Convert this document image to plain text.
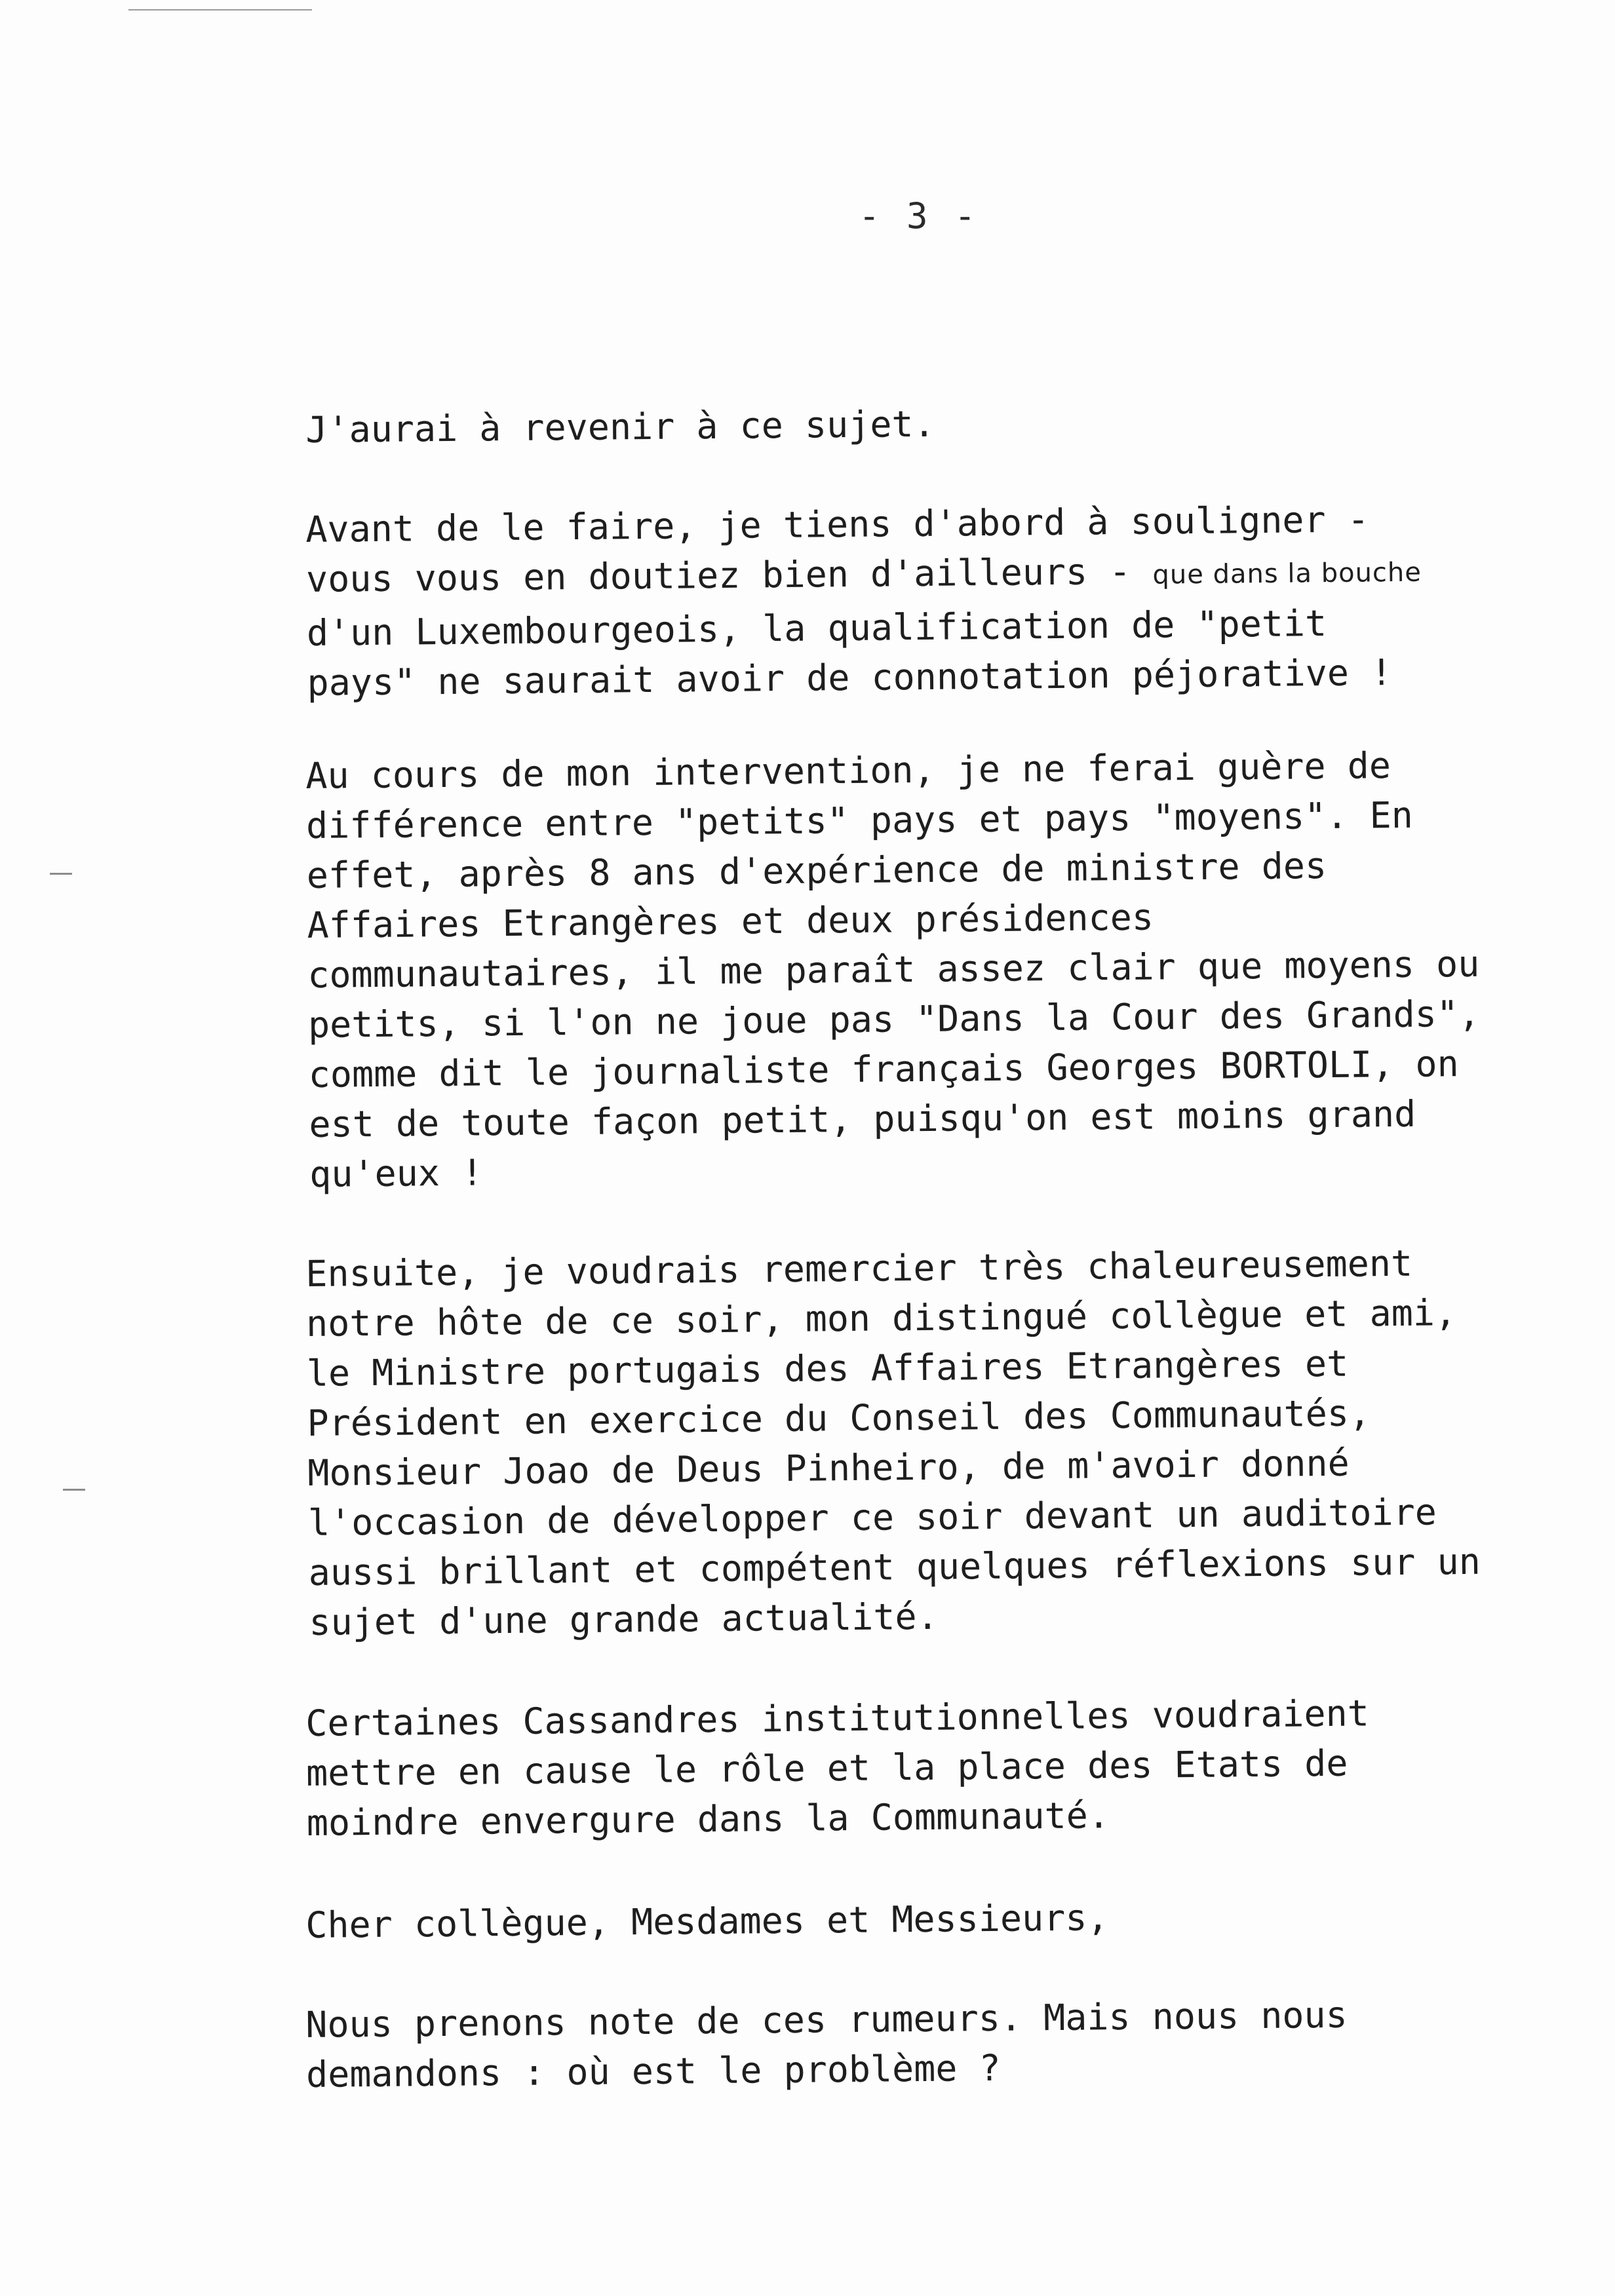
- 3 -
J'aurai à revenir à ce sujet.
Avant de le faire, je tiens d'abord à souligner -
vous vous en doutiez bien d'ailleurs - que dans la bouche
d'un Luxembourgeois, la qualification de "petit
pays" ne saurait avoir de connotation péjorative !
Au cours de mon intervention, je ne ferai guère de
différence entre "petits" pays et pays "moyens". En
effet, après 8 ans d'expérience de ministre des
Affaires Etrangères et deux présidences
communautaires, il me paraît assez clair que moyens ou
petits, si l'on ne joue pas "Dans la Cour des Grands",
comme dit le journaliste français Georges BORTOLI, on
est de toute façon petit, puisqu'on est moins grand
qu'eux !
Ensuite, je voudrais remercier très chaleureusement
notre hôte de ce soir, mon distingué collègue et ami,
le Ministre portugais des Affaires Etrangères et
Président en exercice du Conseil des Communautés,
Monsieur Joao de Deus Pinheiro, de m'avoir donné
l'occasion de développer ce soir devant un auditoire
aussi brillant et compétent quelques réflexions sur un
sujet d'une grande actualité.
Certaines Cassandres institutionnelles voudraient
mettre en cause le rôle et la place des Etats de
moindre envergure dans la Communauté.
Cher collègue, Mesdames et Messieurs,
Nous prenons note de ces rumeurs. Mais nous nous
demandons : où est le problème ?
